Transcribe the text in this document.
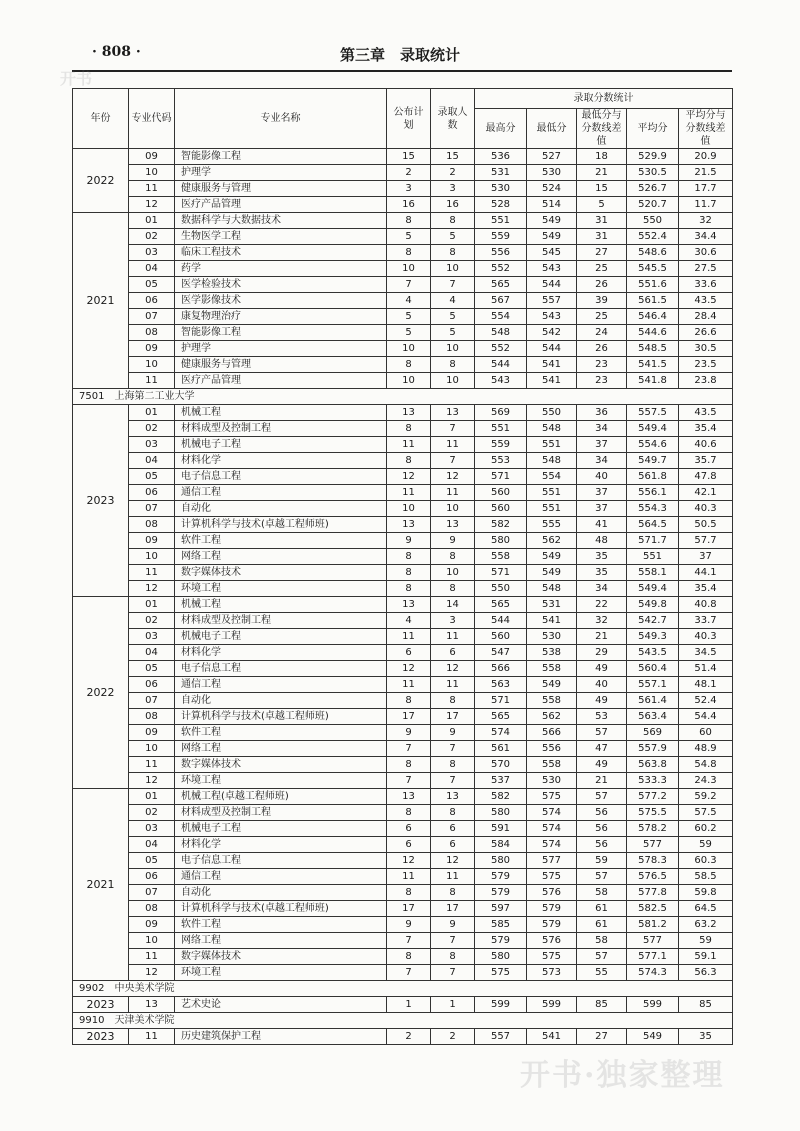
· 808 ·	第三章　录取统计
开书
年份	专业代码	专业名称	公布计划	录取人数	录取分数统计				
					最高分	最低分	最低分与分数线差值	平均分	平均分与分数线差值
2022	09	智能影像工程	15	15	536	527	18	529.9	20.9
	10	护理学	2	2	531	530	21	530.5	21.5
	11	健康服务与管理	3	3	530	524	15	526.7	17.7
	12	医疗产品管理	16	16	528	514	5	520.7	11.7
2021	01	数据科学与大数据技术	8	8	551	549	31	550	32
	02	生物医学工程	5	5	559	549	31	552.4	34.4
	03	临床工程技术	8	8	556	545	27	548.6	30.6
	04	药学	10	10	552	543	25	545.5	27.5
	05	医学检验技术	7	7	565	544	26	551.6	33.6
	06	医学影像技术	4	4	567	557	39	561.5	43.5
	07	康复物理治疗	5	5	554	543	25	546.4	28.4
	08	智能影像工程	5	5	548	542	24	544.6	26.6
	09	护理学	10	10	552	544	26	548.5	30.5
	10	健康服务与管理	8	8	544	541	23	541.5	23.5
	11	医疗产品管理	10	10	543	541	23	541.8	23.8
7501　上海第二工业大学									
2023	01	机械工程	13	13	569	550	36	557.5	43.5
	02	材料成型及控制工程	8	7	551	548	34	549.4	35.4
	03	机械电子工程	11	11	559	551	37	554.6	40.6
	04	材料化学	8	7	553	548	34	549.7	35.7
	05	电子信息工程	12	12	571	554	40	561.8	47.8
	06	通信工程	11	11	560	551	37	556.1	42.1
	07	自动化	10	10	560	551	37	554.3	40.3
	08	计算机科学与技术(卓越工程师班)	13	13	582	555	41	564.5	50.5
	09	软件工程	9	9	580	562	48	571.7	57.7
	10	网络工程	8	8	558	549	35	551	37
	11	数字媒体技术	8	10	571	549	35	558.1	44.1
	12	环境工程	8	8	550	548	34	549.4	35.4
2022	01	机械工程	13	14	565	531	22	549.8	40.8
	02	材料成型及控制工程	4	3	544	541	32	542.7	33.7
	03	机械电子工程	11	11	560	530	21	549.3	40.3
	04	材料化学	6	6	547	538	29	543.5	34.5
	05	电子信息工程	12	12	566	558	49	560.4	51.4
	06	通信工程	11	11	563	549	40	557.1	48.1
	07	自动化	8	8	571	558	49	561.4	52.4
	08	计算机科学与技术(卓越工程师班)	17	17	565	562	53	563.4	54.4
	09	软件工程	9	9	574	566	57	569	60
	10	网络工程	7	7	561	556	47	557.9	48.9
	11	数字媒体技术	8	8	570	558	49	563.8	54.8
	12	环境工程	7	7	537	530	21	533.3	24.3
2021	01	机械工程(卓越工程师班)	13	13	582	575	57	577.2	59.2
	02	材料成型及控制工程	8	8	580	574	56	575.5	57.5
	03	机械电子工程	6	6	591	574	56	578.2	60.2
	04	材料化学	6	6	584	574	56	577	59
	05	电子信息工程	12	12	580	577	59	578.3	60.3
	06	通信工程	11	11	579	575	57	576.5	58.5
	07	自动化	8	8	579	576	58	577.8	59.8
	08	计算机科学与技术(卓越工程师班)	17	17	597	579	61	582.5	64.5
	09	软件工程	9	9	585	579	61	581.2	63.2
	10	网络工程	7	7	579	576	58	577	59
	11	数字媒体技术	8	8	580	575	57	577.1	59.1
	12	环境工程	7	7	575	573	55	574.3	56.3
9902　中央美术学院									
2023	13	艺术史论	1	1	599	599	85	599	85
9910　天津美术学院									
2023	11	历史建筑保护工程	2	2	557	541	27	549	35
开书·独家整理
